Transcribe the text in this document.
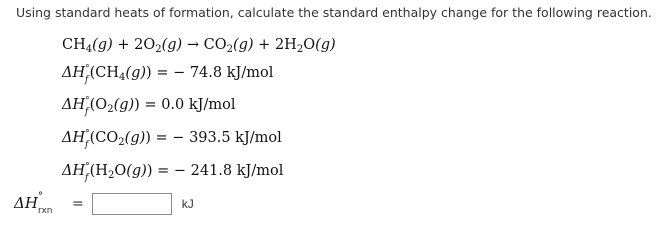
Using standard heats of formation, calculate the standard enthalpy change for the following reaction.
$CH_4(g) + 2O_2(g) \to CO_2(g) + 2H_2O(g)$
ΔH°
f $(CH_4(g))$ = − 74.8 kJ/mol
ΔH°
f $(O_2(g)) = 0.0$ kJ/mol
ΔH°
f $(CO_2(g))$ = − 393.5 kJ/mol
ΔH°
f $(H_2O(g))$ = − 241.8 kJ/mol
ΔH °
rxn =	kJ
